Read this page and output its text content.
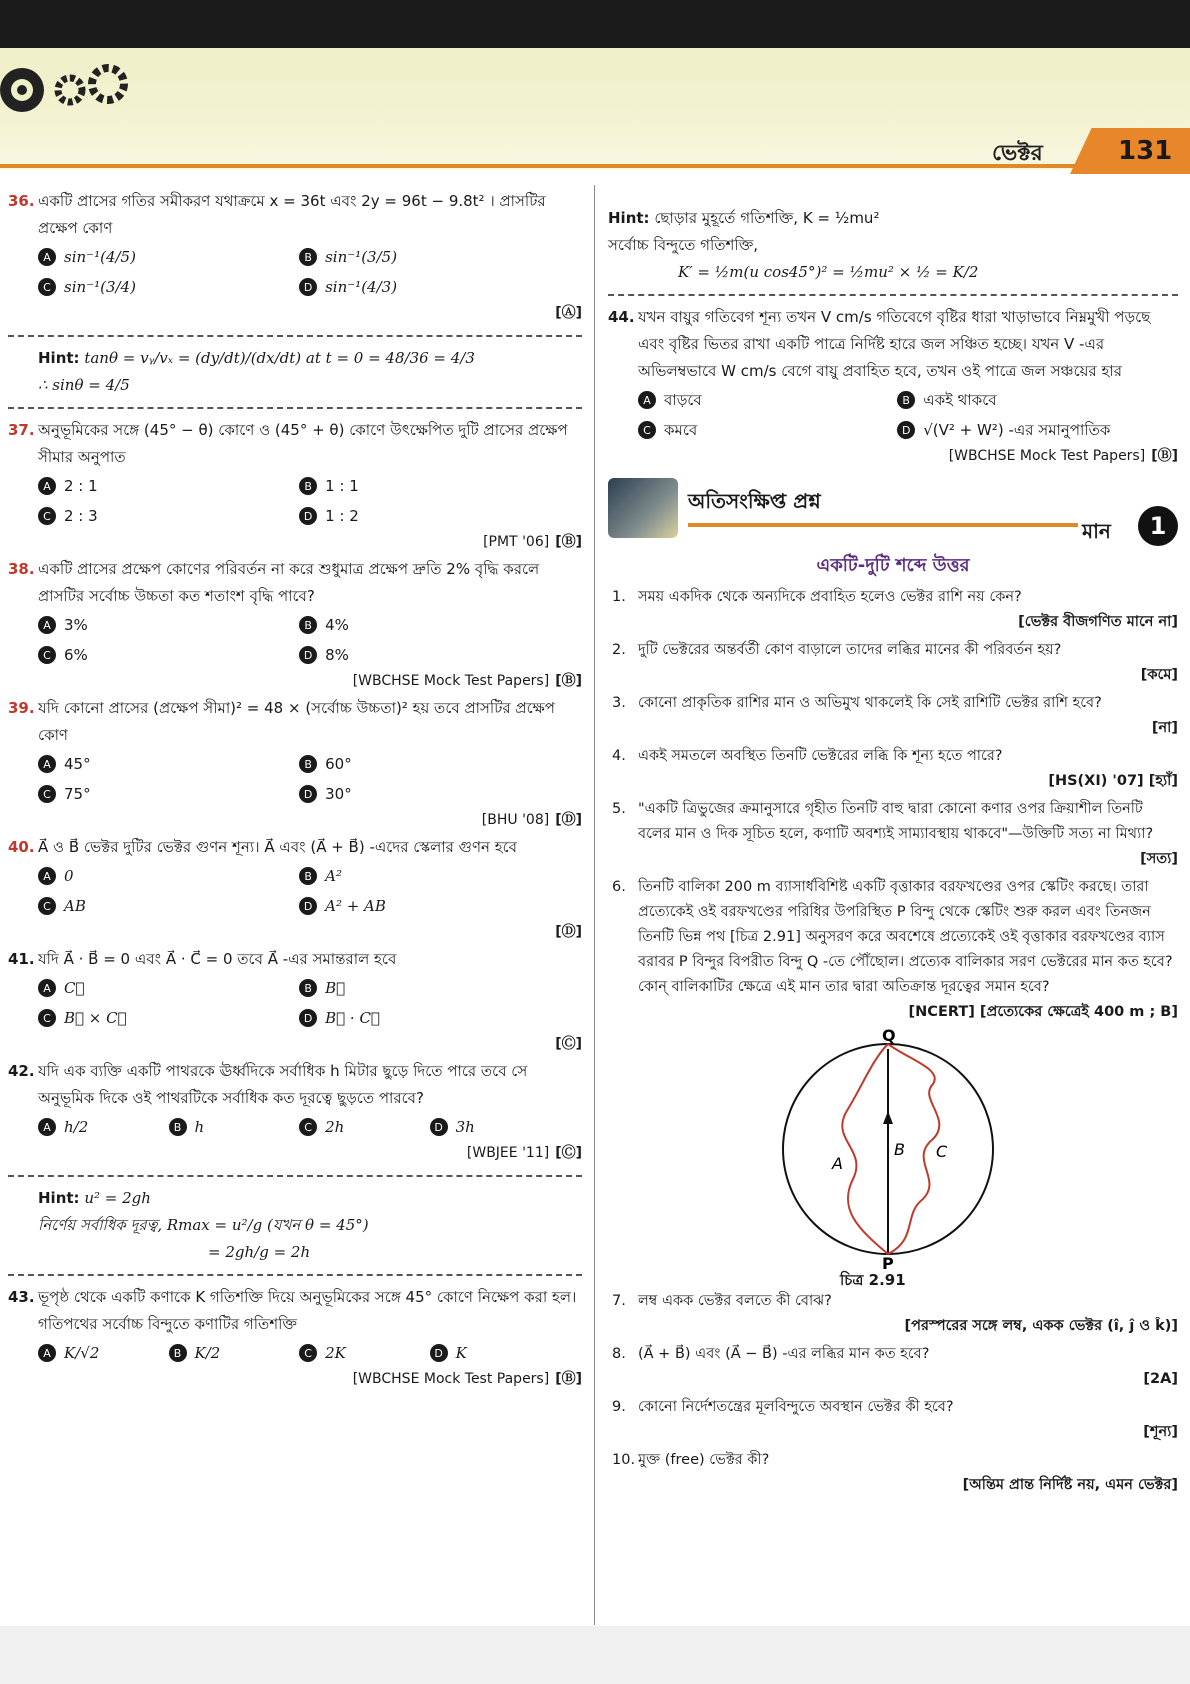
ভেক্টর	131
36. একটি প্রাসের গতির সমীকরণ যথাক্রমে x = 36t এবং 2y = 96t − 9.8t² । প্রাসটির প্রক্ষেপ কোণ
A sin⁻¹(4/5)	B sin⁻¹(3/5)
C sin⁻¹(3/4)	D sin⁻¹(4/3)
[Ⓐ]
Hint: tanθ = vᵧ/vₓ = (dy/dt)/(dx/dt) at t = 0 = 48/36 = 4/3
∴ sinθ = 4/5
37. অনুভূমিকের সঙ্গে (45° − θ) কোণে ও (45° + θ) কোণে উৎক্ষেপিত দুটি প্রাসের প্রক্ষেপ সীমার অনুপাত
A 2 : 1	B 1 : 1
C 2 : 3	D 1 : 2
[PMT '06] [Ⓑ]
38. একটি প্রাসের প্রক্ষেপ কোণের পরিবর্তন না করে শুধুমাত্র প্রক্ষেপ দ্রুতি 2% বৃদ্ধি করলে প্রাসটির সর্বোচ্চ উচ্চতা কত শতাংশ বৃদ্ধি পাবে?
A 3%	B 4%
C 6%	D 8%
[WBCHSE Mock Test Papers] [Ⓑ]
39. যদি কোনো প্রাসের (প্রক্ষেপ সীমা)² = 48 × (সর্বোচ্চ উচ্চতা)² হয় তবে প্রাসটির প্রক্ষেপ কোণ
A 45°	B 60°
C 75°	D 30°
[BHU '08] [Ⓓ]
40. A⃗ ও B⃗ ভেক্টর দুটির ভেক্টর গুণন শূন্য। A⃗ এবং (A⃗ + B⃗) -এদের স্কেলার গুণন হবে
A 0	B A²
C AB	D A² + AB
[Ⓓ]
41. যদি A⃗ · B⃗ = 0 এবং A⃗ · C⃗ = 0 তবে A⃗ -এর সমান্তরাল হবে
A C⃗	B B⃗
C B⃗ × C⃗	D B⃗ · C⃗
[Ⓒ]
42. যদি এক ব্যক্তি একটি পাথরকে ঊর্ধ্বদিকে সর্বাধিক h মিটার ছুড়ে দিতে পারে তবে সে অনুভূমিক দিকে ওই পাথরটিকে সর্বাধিক কত দূরত্বে ছুড়তে পারবে?
A h/2	B h	C 2h	D 3h
[WBJEE '11] [Ⓒ]
Hint: u² = 2gh
নির্ণেয় সর্বাধিক দূরত্ব, Rmax = u²/g (যখন θ = 45°)
= 2gh/g = 2h
43. ভূপৃষ্ঠ থেকে একটি কণাকে K গতিশক্তি দিয়ে অনুভূমিকের সঙ্গে 45° কোণে নিক্ষেপ করা হল। গতিপথের সর্বোচ্চ বিন্দুতে কণাটির গতিশক্তি
A K/√2	B K/2	C 2K	D K
[WBCHSE Mock Test Papers] [Ⓑ]
Hint: ছোড়ার মুহূর্তে গতিশক্তি, K = ½mu²
সর্বোচ্চ বিন্দুতে গতিশক্তি,
K′ = ½m(u cos45°)² = ½mu² × ½ = K/2
44. যখন বায়ুর গতিবেগ শূন্য তখন V cm/s গতিবেগে বৃষ্টির ধারা খাড়াভাবে নিম্নমুখী পড়ছে এবং বৃষ্টির ভিতর রাখা একটি পাত্রে নির্দিষ্ট হারে জল সঞ্চিত হচ্ছে। যখন V -এর অভিলম্বভাবে W cm/s বেগে বায়ু প্রবাহিত হবে, তখন ওই পাত্রে জল সঞ্চয়ের হার
A বাড়বে	B একই থাকবে
C কমবে	D √(V² + W²) -এর সমানুপাতিক
[WBCHSE Mock Test Papers] [Ⓑ]
অতিসংক্ষিপ্ত প্রশ্ন
মান	1
একটি-দুটি শব্দে উত্তর
1. সময় একদিক থেকে অন্যদিকে প্রবাহিত হলেও ভেক্টর রাশি নয় কেন?
[ভেক্টর বীজগণিত মানে না]
2. দুটি ভেক্টরের অন্তর্বর্তী কোণ বাড়ালে তাদের লব্ধির মানের কী পরিবর্তন হয়?
[কমে]
3. কোনো প্রাকৃতিক রাশির মান ও অভিমুখ থাকলেই কি সেই রাশিটি ভেক্টর রাশি হবে?
[না]
4. একই সমতলে অবস্থিত তিনটি ভেক্টরের লব্ধি কি শূন্য হতে পারে?
[HS(XI) '07] [হ্যাঁ]
5. "একটি ত্রিভুজের ক্রমানুসারে গৃহীত তিনটি বাহু দ্বারা কোনো কণার ওপর ক্রিয়াশীল তিনটি বলের মান ও দিক সূচিত হলে, কণাটি অবশ্যই সাম্যাবস্থায় থাকবে"—উক্তিটি সত্য না মিথ্যা?
[সত্য]
6. তিনটি বালিকা 200 m ব্যাসার্ধবিশিষ্ট একটি বৃত্তাকার বরফখণ্ডের ওপর স্কেটিং করছে। তারা প্রত্যেকেই ওই বরফখণ্ডের পরিধির উপরিস্থিত P বিন্দু থেকে স্কেটিং শুরু করল এবং তিনজন তিনটি ভিন্ন পথ [চিত্র 2.91] অনুসরণ করে অবশেষে প্রত্যেকেই ওই বৃত্তাকার বরফখণ্ডের ব্যাস বরাবর P বিন্দুর বিপরীত বিন্দু Q -তে পৌঁছোল। প্রত্যেক বালিকার সরণ ভেক্টরের মান কত হবে? কোন্ বালিকাটির ক্ষেত্রে এই মান তার দ্বারা অতিক্রান্ত দূরত্বের সমান হবে?
[NCERT] [প্রত্যেকের ক্ষেত্রেই 400 m ; B]
Q
P
A
B C
চিত্র 2.91
7. লম্ব একক ভেক্টর বলতে কী বোঝ?
[পরস্পরের সঙ্গে লম্ব, একক ভেক্টর (î, ĵ ও k̂)]
8. (A⃗ + B⃗) এবং (A⃗ − B⃗) -এর লব্ধির মান কত হবে?
[2A]
9. কোনো নির্দেশতন্ত্রের মূলবিন্দুতে অবস্থান ভেক্টর কী হবে?
[শূন্য]
10. মুক্ত (free) ভেক্টর কী?
[অন্তিম প্রান্ত নির্দিষ্ট নয়, এমন ভেক্টর]
